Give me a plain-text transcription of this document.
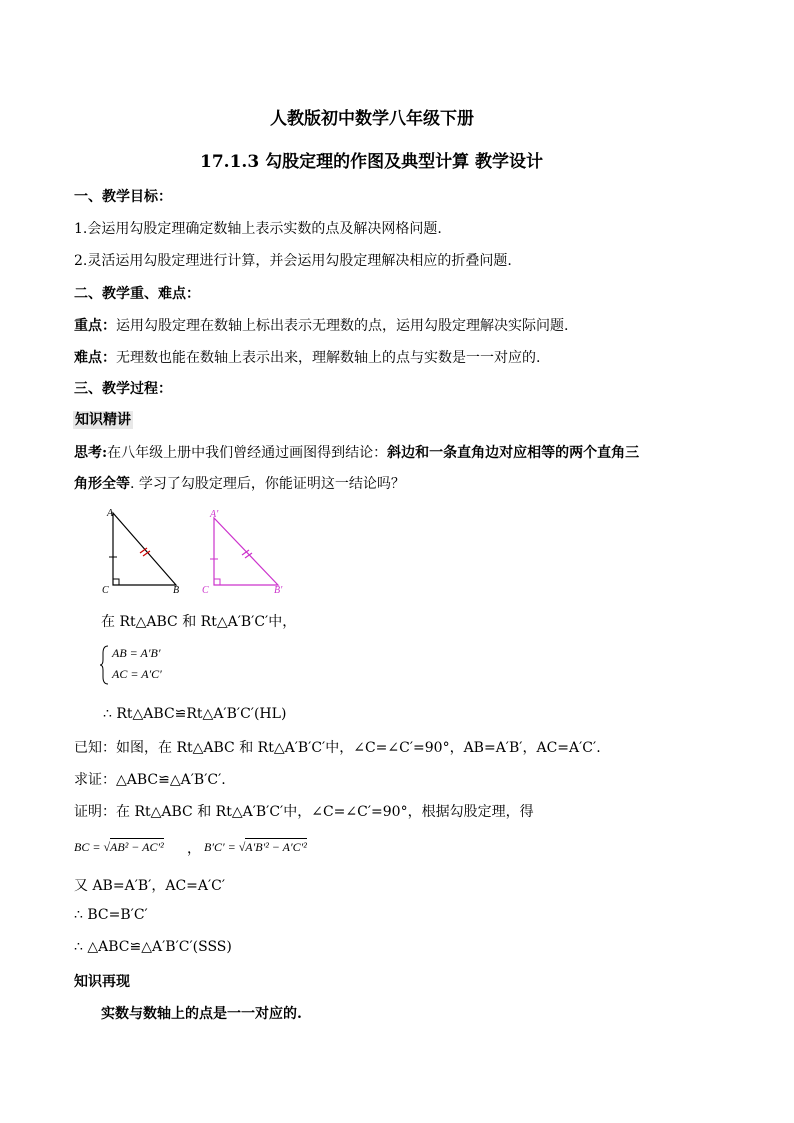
人教版初中数学八年级下册
17.1.3 勾股定理的作图及典型计算 教学设计
一、教学目标：
1.会运用勾股定理确定数轴上表示实数的点及解决网格问题.
2.灵活运用勾股定理进行计算，并会运用勾股定理解决相应的折叠问题.
二、教学重、难点：
重点：运用勾股定理在数轴上标出表示无理数的点，运用勾股定理解决实际问题.
难点：无理数也能在数轴上表示出来，理解数轴上的点与实数是一一对应的.
三、教学过程：
知识精讲
思考:在八年级上册中我们曾经通过画图得到结论：斜边和一条直角边对应相等的两个直角三
角形全等. 学习了勾股定理后，你能证明这一结论吗？
A
C	B
A'
C	B'
在 Rt△ABC 和 Rt△A′B′C′中，
AB = A′B′
AC = A′C′
∴ Rt△ABC≌Rt△A′B′C′(HL)
已知：如图，在 Rt△ABC 和 Rt△A′B′C′中，∠C=∠C′=90°，AB=A′B′，AC=A′C′.
求证：△ABC≌△A′B′C′.
证明：在 Rt△ABC 和 Rt△A′B′C′中，∠C=∠C′=90°，根据勾股定理，得
BC = √AB² − AC′² ， B′C′ = √A′B′² − A′C′²
又 AB=A′B′，AC=A′C′
∴ BC=B′C′
∴ △ABC≌△A′B′C′(SSS)
知识再现
实数与数轴上的点是一一对应的.
